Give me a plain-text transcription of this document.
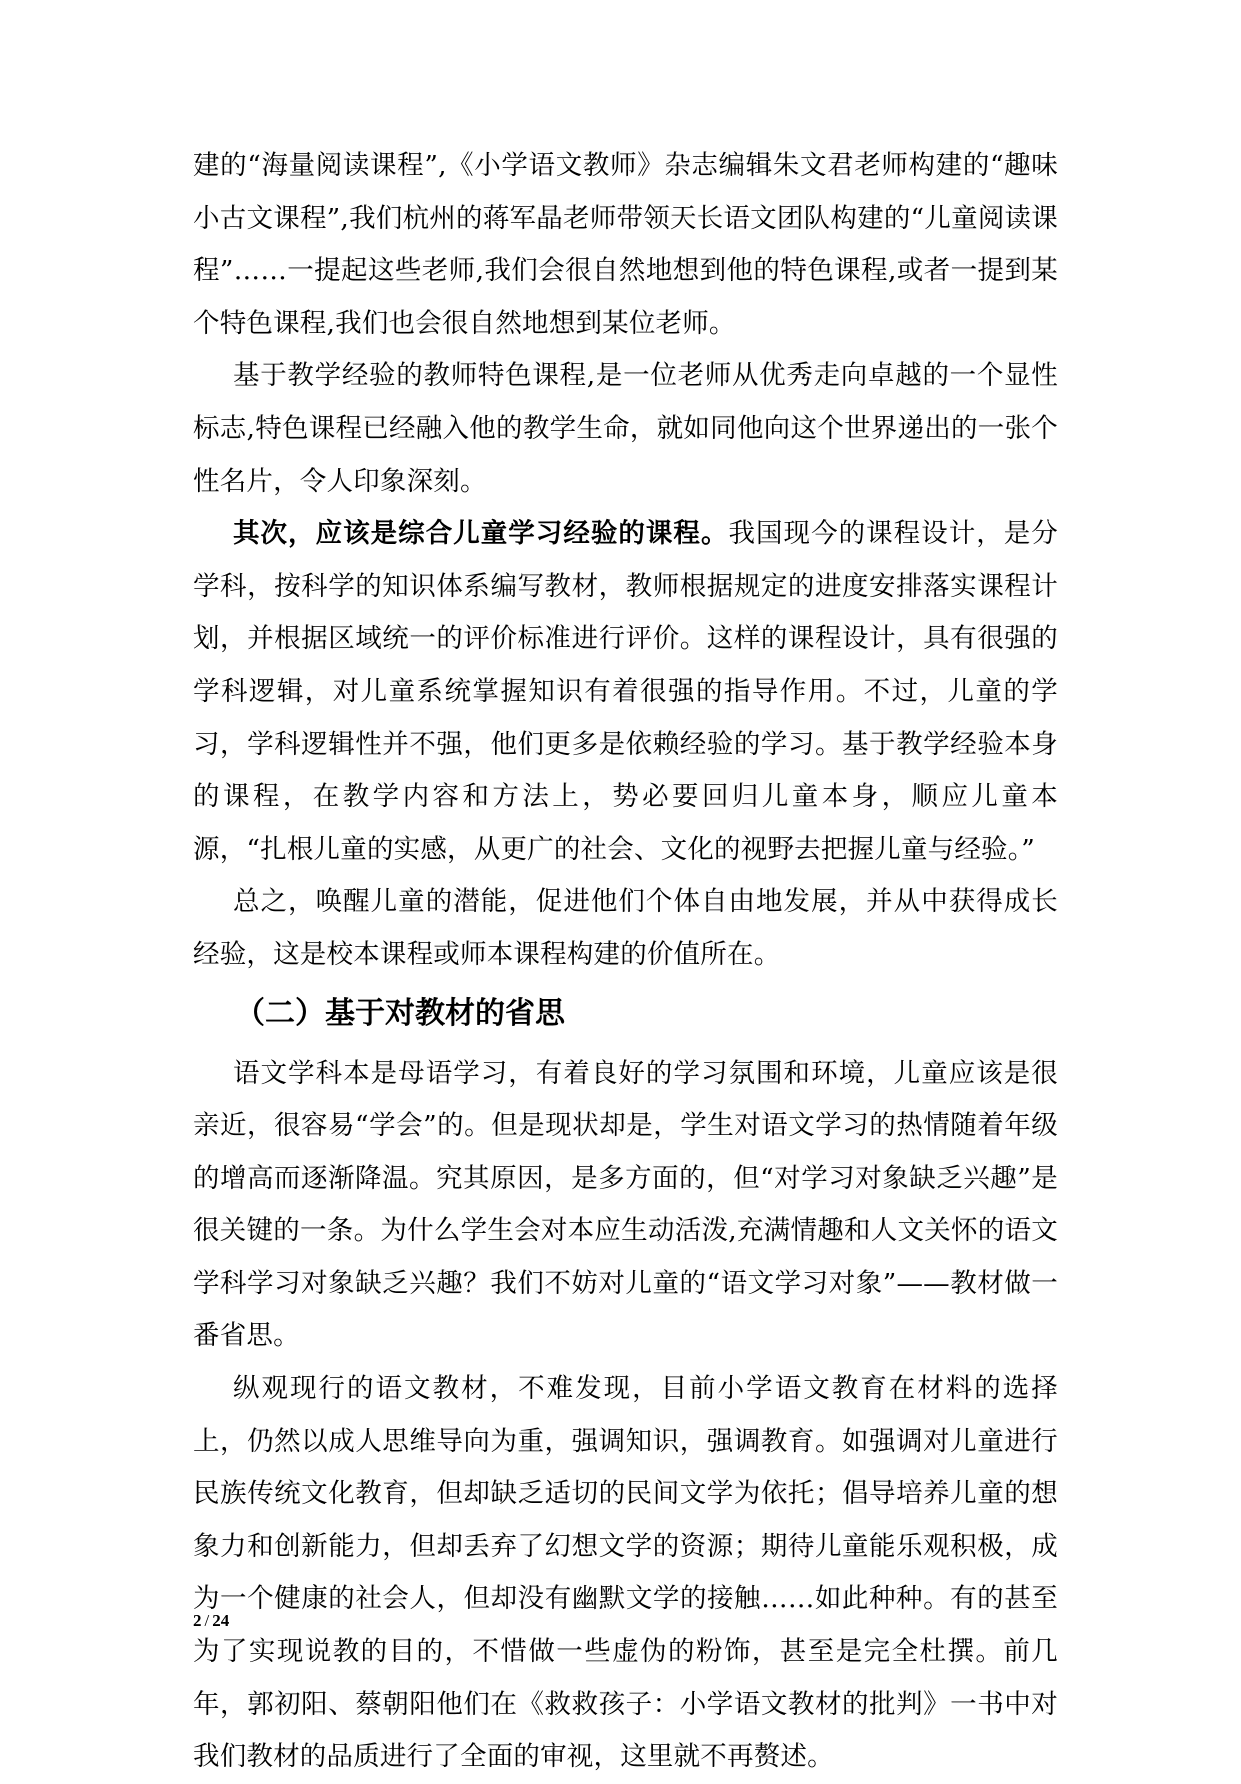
建的“海量阅读课程”,《小学语文教师》杂志编辑朱文君老师构建的“趣味小古文课程”,我们杭州的蒋军晶老师带领天长语文团队构建的“儿童阅读课程”……一提起这些老师,我们会很自然地想到他的特色课程,或者一提到某个特色课程,我们也会很自然地想到某位老师。

基于教学经验的教师特色课程,是一位老师从优秀走向卓越的一个显性标志,特色课程已经融入他的教学生命，就如同他向这个世界递出的一张个性名片，令人印象深刻。

其次，应该是综合儿童学习经验的课程。我国现今的课程设计，是分学科，按科学的知识体系编写教材，教师根据规定的进度安排落实课程计划，并根据区域统一的评价标准进行评价。这样的课程设计，具有很强的学科逻辑，对儿童系统掌握知识有着很强的指导作用。不过，儿童的学习，学科逻辑性并不强，他们更多是依赖经验的学习。基于教学经验本身的课程，在教学内容和方法上，势必要回归儿童本身，顺应儿童本源，“扎根儿童的实感，从更广的社会、文化的视野去把握儿童与经验。”

总之，唤醒儿童的潜能，促进他们个体自由地发展，并从中获得成长经验，这是校本课程或师本课程构建的价值所在。

（二）基于对教材的省思

语文学科本是母语学习，有着良好的学习氛围和环境，儿童应该是很亲近，很容易“学会”的。但是现状却是，学生对语文学习的热情随着年级的增高而逐渐降温。究其原因，是多方面的，但“对学习对象缺乏兴趣”是很关键的一条。为什么学生会对本应生动活泼,充满情趣和人文关怀的语文学科学习对象缺乏兴趣？我们不妨对儿童的“语文学习对象”——教材做一番省思。

纵观现行的语文教材，不难发现，目前小学语文教育在材料的选择上，仍然以成人思维导向为重，强调知识，强调教育。如强调对儿童进行民族传统文化教育，但却缺乏适切的民间文学为依托；倡导培养儿童的想象力和创新能力，但却丢弃了幻想文学的资源；期待儿童能乐观积极，成为一个健康的社会人，但却没有幽默文学的接触……如此种种。有的甚至为了实现说教的目的，不惜做一些虚伪的粉饰，甚至是完全杜撰。前几年，郭初阳、蔡朝阳他们在《救救孩子：小学语文教材的批判》一书中对我们教材的品质进行了全面的审视，这里就不再赘述。

2 / 24
